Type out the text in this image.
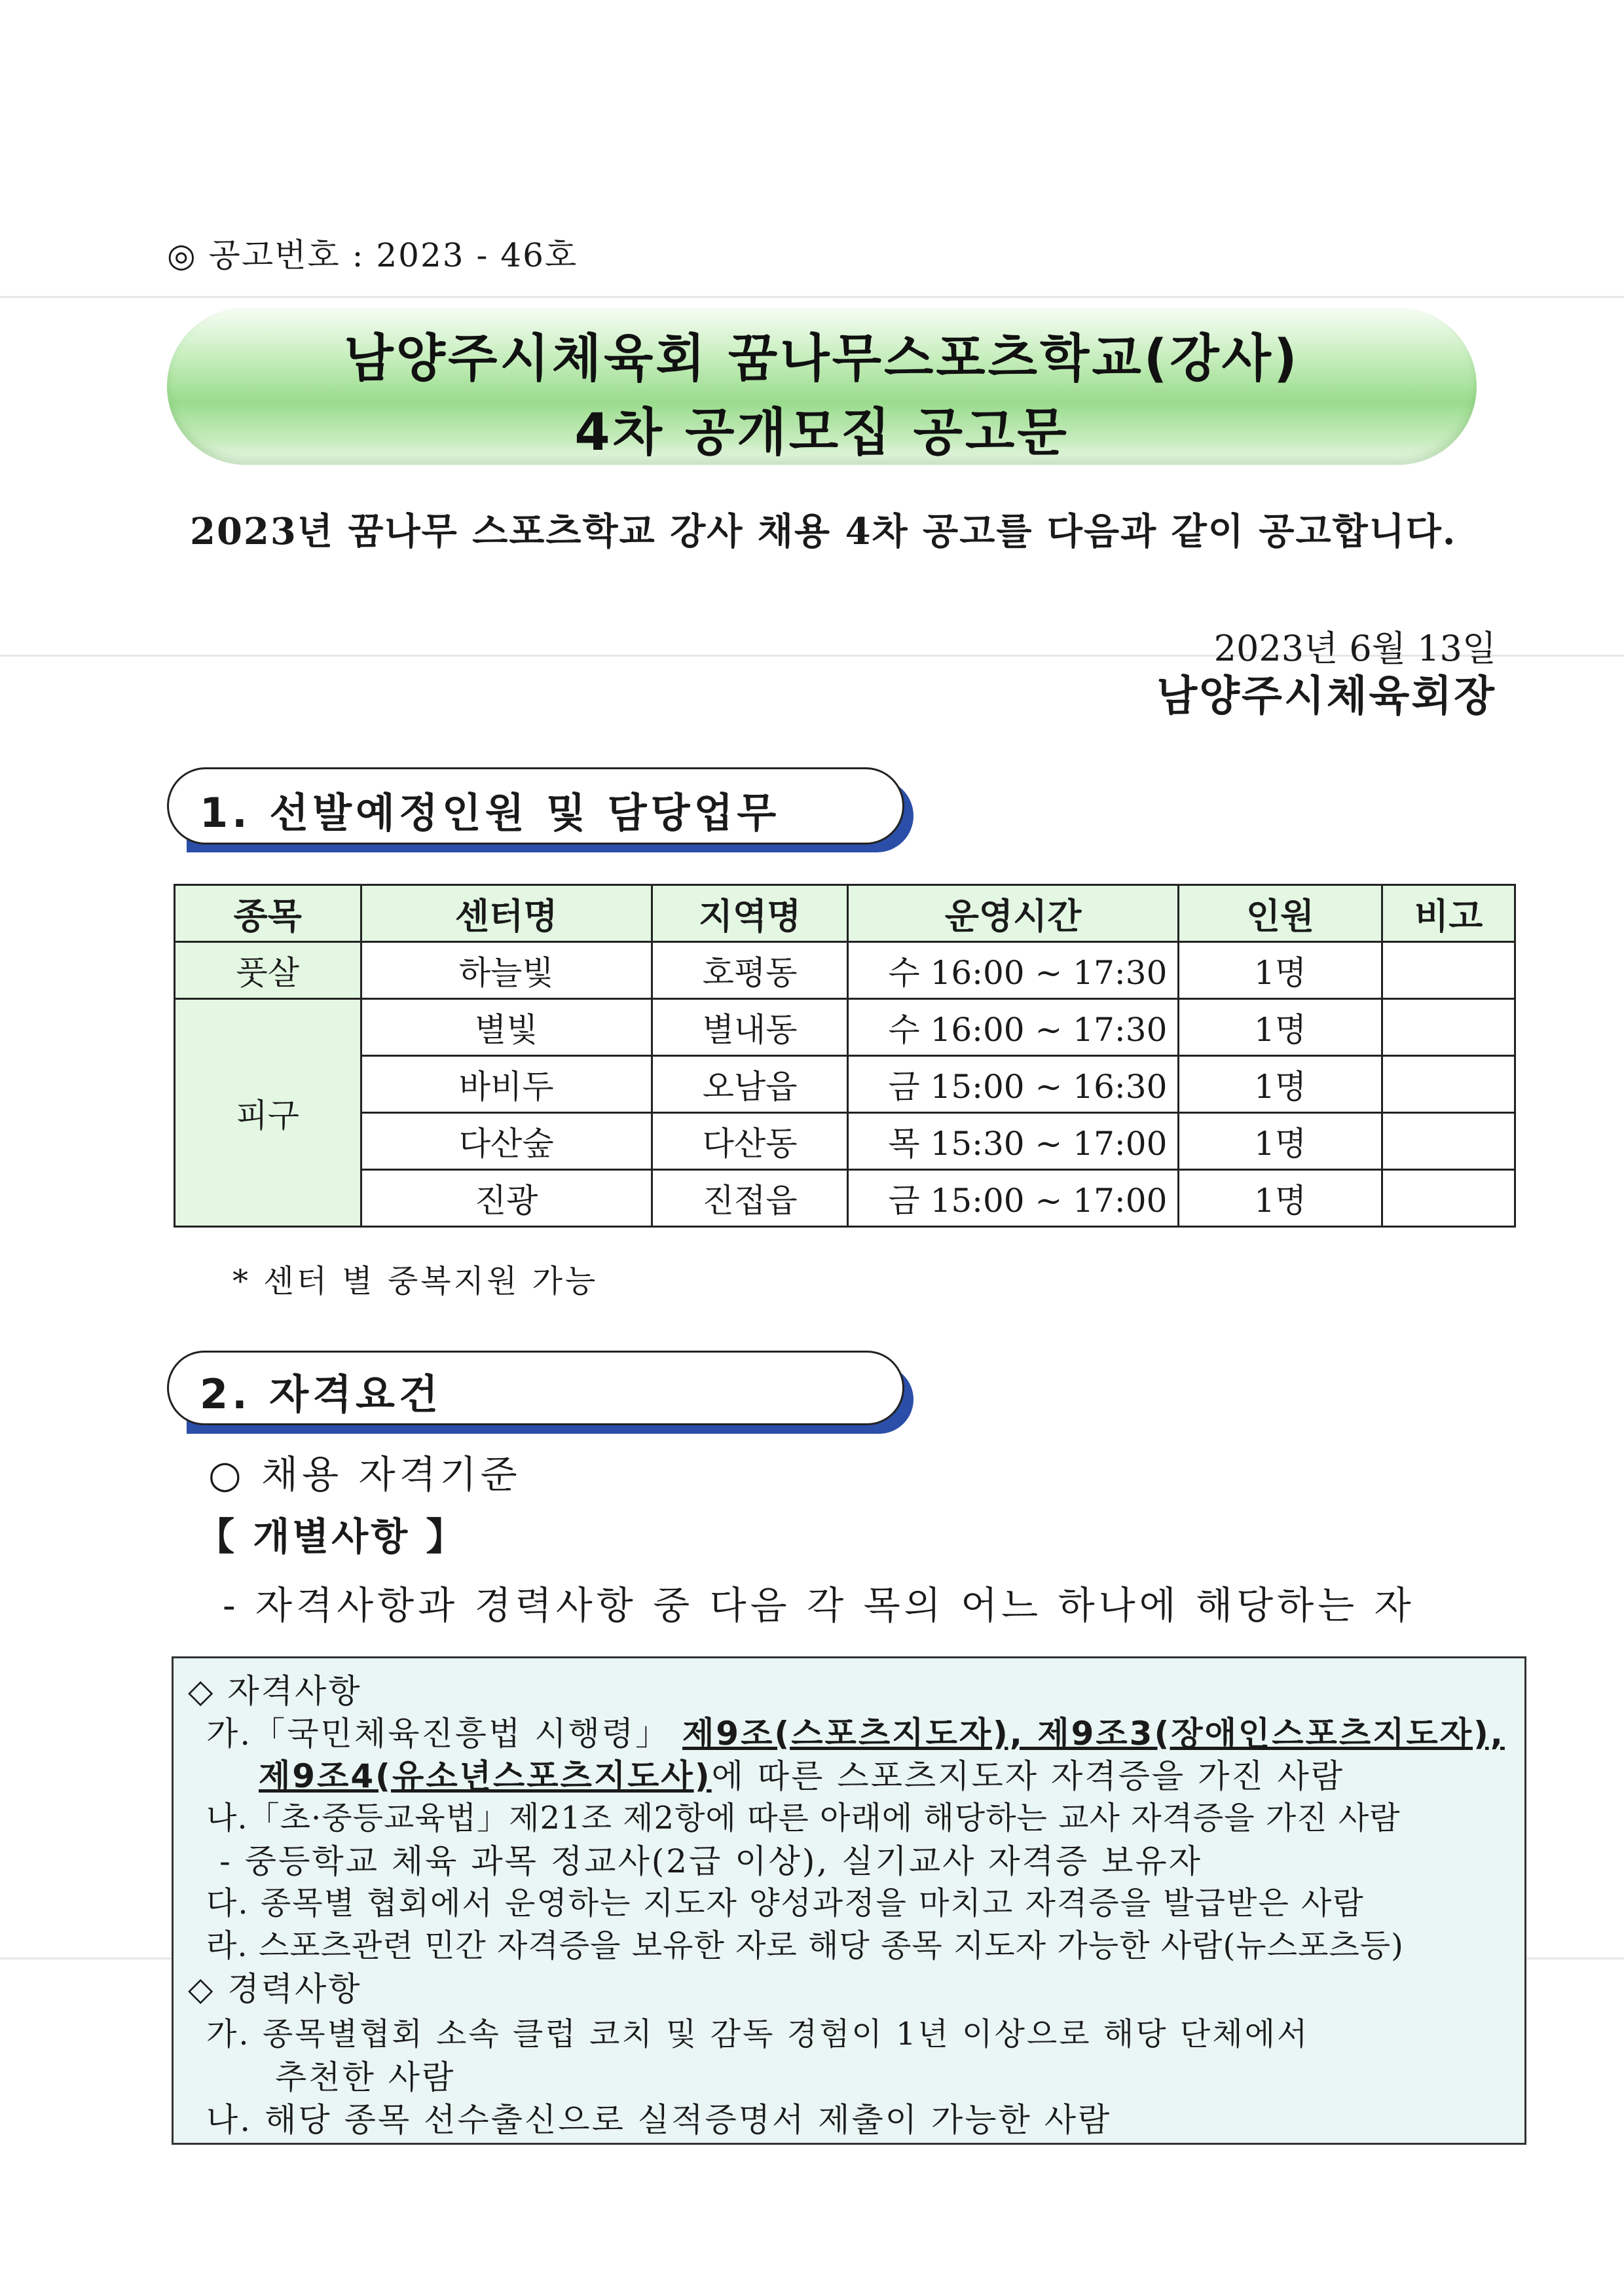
◎ 공고번호 : 2023 - 46호
남양주시체육회 꿈나무스포츠학교(강사)
4차 공개모집 공고문
2023년 꿈나무 스포츠학교 강사 채용 4차 공고를 다음과 같이 공고합니다.
2023년 6월 13일
남양주시체육회장
1. 선발예정인원 및 담당업무
종목	센터명	지역명	운영시간	인원	비고
풋살	하늘빛	호평동	수 16:00 ~ 17:30	1명	
피구	별빛	별내동	수 16:00 ~ 17:30	1명	
	바비두	오남읍	금 15:00 ~ 16:30	1명	
	다산숲	다산동	목 15:30 ~ 17:00	1명	
	진광	진접읍	금 15:00 ~ 17:00	1명	
* 센터 별 중복지원 가능
2. 자격요건
○ 채용 자격기준
【 개별사항 】
- 자격사항과 경력사항 중 다음 각 목의 어느 하나에 해당하는 자
◇ 자격사항
가.「국민체육진흥법 시행령」 제9조(스포츠지도자), 제9조3(장애인스포츠지도자),
제9조4(유소년스포츠지도사)에 따른 스포츠지도자 자격증을 가진 사람
나.「초·중등교육법」제21조 제2항에 따른 아래에 해당하는 교사 자격증을 가진 사람
- 중등학교 체육 과목 정교사(2급 이상), 실기교사 자격증 보유자
다. 종목별 협회에서 운영하는 지도자 양성과정을 마치고 자격증을 발급받은 사람
라. 스포츠관련 민간 자격증을 보유한 자로 해당 종목 지도자 가능한 사람(뉴스포츠등)
◇ 경력사항
가. 종목별협회 소속 클럽 코치 및 감독 경험이 1년 이상으로 해당 단체에서
추천한 사람
나. 해당 종목 선수출신으로 실적증명서 제출이 가능한 사람
